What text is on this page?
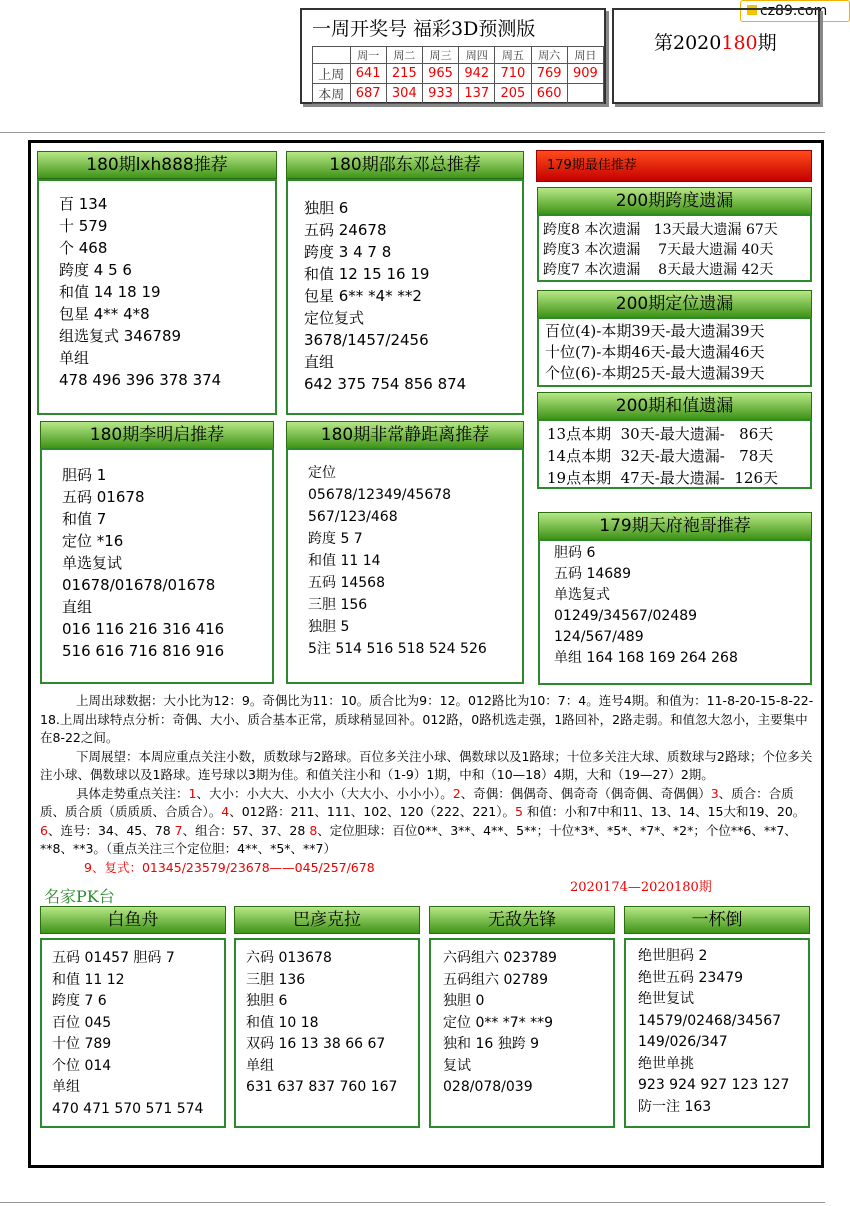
cz89.com
一周开奖号 福彩3D预测版
	周一	周二	周三	周四	周五	周六	周日
上周	641	215	965	942	710	769	909
本周	687	304	933	137	205	660	
第2020180期
180期lxh888推荐
百 134
十 579
个 468
跨度 4 5 6
和值 14 18 19
包星 4** 4*8
组选复式 346789
单组
478 496 396 378 374
180期邵东邓总推荐
独胆 6
五码 24678
跨度 3 4 7 8
和值 12 15 16 19
包星 6** *4* **2
定位复式
3678/1457/2456
直组
642 375 754 856 874
179期最佳推荐
200期跨度遗漏
跨度8 本次遗漏   13天最大遗漏 67天
跨度3 本次遗漏    7天最大遗漏 40天
跨度7 本次遗漏    8天最大遗漏 42天
200期定位遗漏
百位(4)-本期39天-最大遗漏39天
十位(7)-本期46天-最大遗漏46天
个位(6)-本期25天-最大遗漏39天
200期和值遗漏
13点本期  30天-最大遗漏-   86天
14点本期  32天-最大遗漏-   78天
19点本期  47天-最大遗漏-  126天
180期李明启推荐
胆码 1
五码 01678
和值 7
定位 *16
单选复试
01678/01678/01678
直组
016 116 216 316 416
516 616 716 816 916
180期非常静距离推荐
定位
05678/12349/45678
567/123/468
跨度 5 7
和值 11 14
五码 14568
三胆 156
独胆 5
5注 514 516 518 524 526
179期天府袍哥推荐
胆码 6
五码 14689
单选复式
01249/34567/02489
124/567/489
单组 164 168 169 264 268

上周出球数据：大小比为12：9。奇偶比为11：10。质合比为9：12。012路比为10：7：4。连号4期。和值为：11-8-20-15-8-22-18.上周出球特点分析：奇偶、大小、质合基本正常，质球稍显回补。012路，0路机选走强，1路回补，2路走弱。和值忽大忽小，主要集中在8-22之间。

下周展望：本周应重点关注小数，质数球与2路球。百位多关注小球、偶数球以及1路球；十位多关注大球、质数球与2路球；个位多关注小球、偶数球以及1路球。连号球以3期为佳。和值关注小和（1-9）1期，中和（10—18）4期，大和（19—27）2期。

具体走势重点关注：1、大小：小大大、小大小（大大小、小小小）。2、奇偶：偶偶奇、偶奇奇（偶奇偶、奇偶偶）3、质合：合质质、质合质（质质质、合质合）。4、012路：211、111、102、120（222、221）。5 和值：小和7中和11、13、14、15大和19、20。6、连号：34、45、78 7、组合：57、37、28 8、定位胆球：百位0**、3**、4**、5**；十位*3*、*5*、*7*、*2*；个位**6、**7、**8、**3。（重点关注三个定位胆：4**、*5*、**7）

9、复式：01345/23579/23678——045/257/678

名家PK台	2020174—2020180期
白鱼舟
五码 01457 胆码 7
和值 11 12
跨度 7 6
百位 045
十位 789
个位 014
单组
470 471 570 571 574
巴彦克拉
六码 013678
三胆 136
独胆 6
和值 10 18
双码 16 13 38 66 67
单组
631 637 837 760 167
无敌先锋
六码组六 023789
五码组六 02789
独胆 0
定位 0** *7* **9
独和 16 独跨 9
复试
028/078/039
一杯倒
绝世胆码 2
绝世五码 23479
绝世复试
14579/02468/34567
149/026/347
绝世单挑
923 924 927 123 127
防一注 163
